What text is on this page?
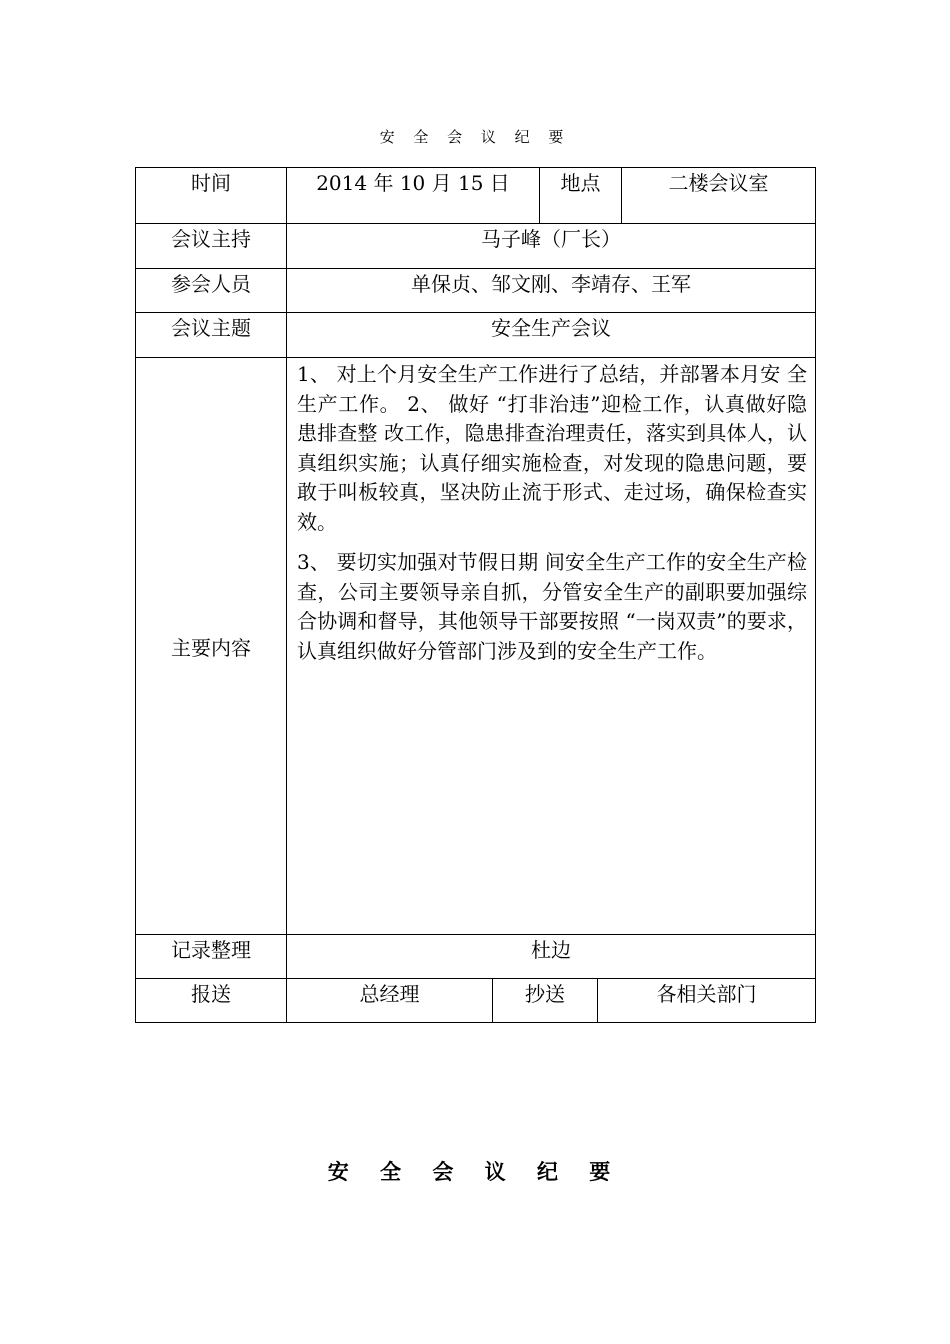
安 全 会 议 纪 要
时间	2014 年 10 月 15 日		地点		二楼会议室

会议主持	马子峰（厂长）				

参会人员	单保贞、邹文刚、李靖存、王军				

会议主题	安全生产会议				

主要内容	1、 对上个月安全生产工作进行了总结，并部署本月安 全生产工作。 2、 做好 “打非治违”迎检工作，认真做好隐患排查整 改工作，隐患排查治理责任，落实到具体人，认真组织实施；认真仔细实施检查，对发现的隐患问题，要敢于叫板较真，坚决防止流于形式、走过场，确保检查实效。

3、 要切实加强对节假日期 间安全生产工作的安全生产检查，公司主要领导亲自抓，分管安全生产的副职要加强综合协调和督导，其他领导干部要按照 “一岗双责”的要求，认真组织做好分管部门涉及到的安全生产工作。				

记录整理	杜边				

报送	总经理	抄送		各相关部门	
安 全 会 议 纪 要
